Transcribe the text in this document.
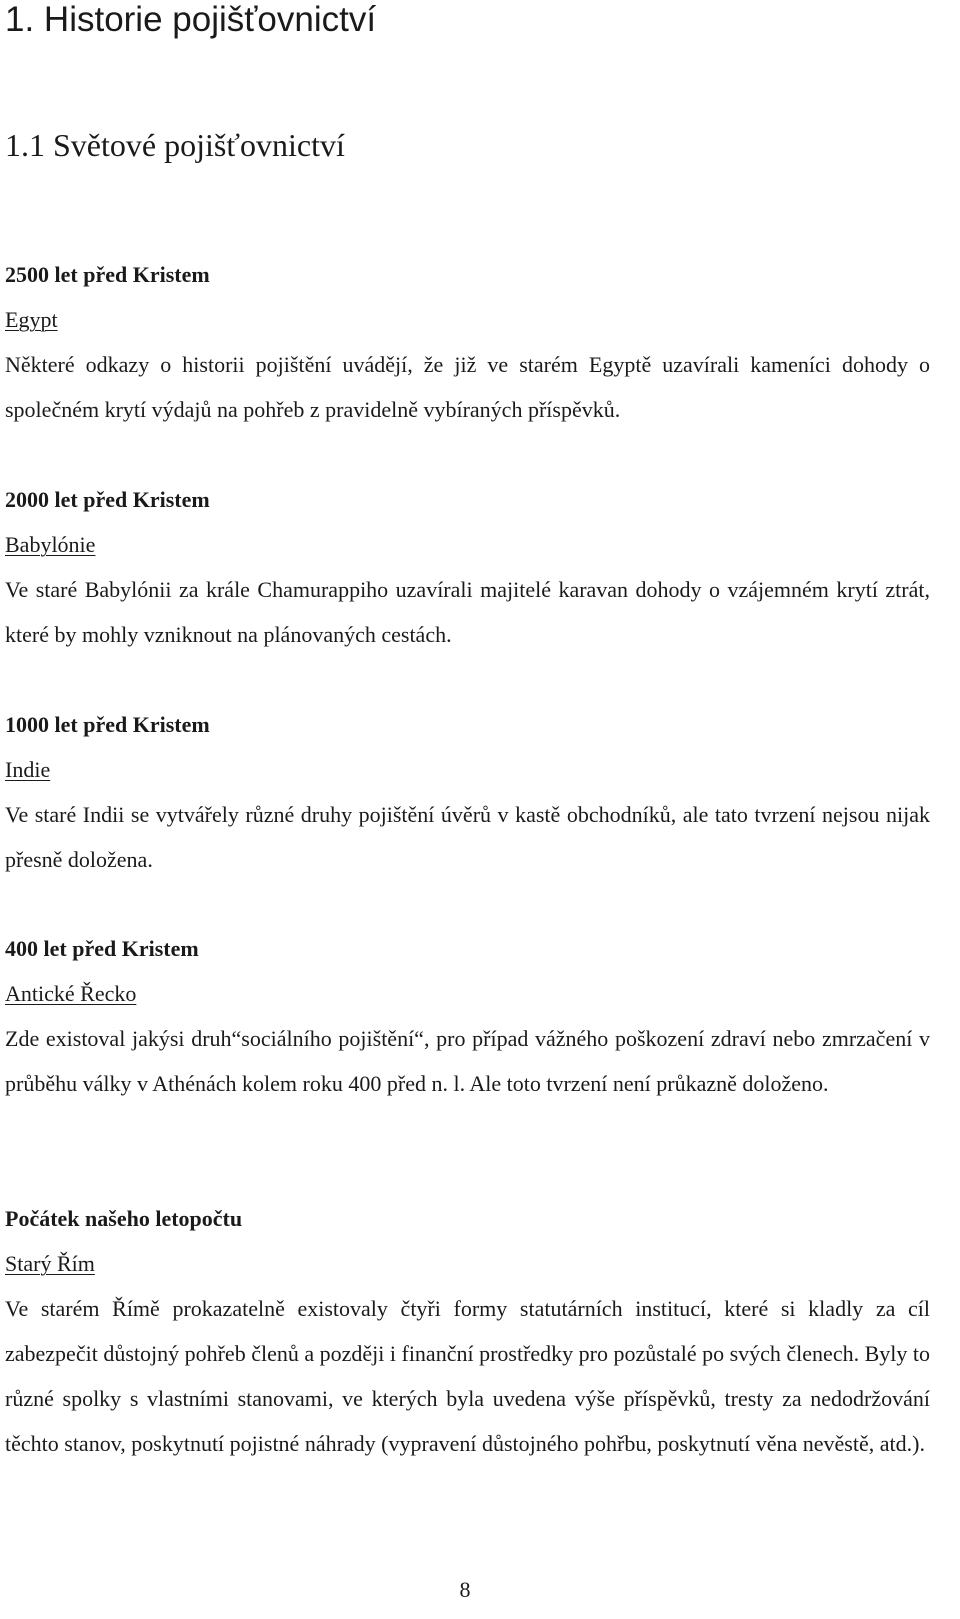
1. Historie pojišťovnictví
1.1 Světové pojišťovnictví
2500 let před Kristem
Egypt

Některé odkazy o historii pojištění uvádějí, že již ve starém Egyptě uzavírali kameníci dohody o společném krytí výdajů na pohřeb z pravidelně vybíraných příspěvků.

2000 let před Kristem
Babylónie

Ve staré Babylónii za krále Chamurappiho uzavírali majitelé karavan dohody o vzájemném krytí ztrát, které by mohly vzniknout na plánovaných cestách.

1000 let před Kristem
Indie

Ve staré Indii se vytvářely různé druhy pojištění úvěrů v kastě obchodníků, ale tato tvrzení nejsou nijak přesně doložena.

400 let před Kristem
Antické Řecko

Zde existoval jakýsi druh“sociálního pojištění“, pro případ vážného poškození zdraví nebo zmrzačení v průběhu války v Athénách kolem roku 400 před n. l. Ale toto tvrzení není průkazně doloženo.

Počátek našeho letopočtu
Starý Řím

Ve starém Římě prokazatelně existovaly čtyři formy statutárních institucí, které si kladly za cíl zabezpečit důstojný pohřeb členů a později i finanční prostředky pro pozůstalé po svých členech. Byly to různé spolky s vlastními stanovami, ve kterých byla uvedena výše příspěvků, tresty za nedodržování těchto stanov, poskytnutí pojistné náhrady (vypravení důstojného pohřbu, poskytnutí věna nevěstě, atd.).

8
